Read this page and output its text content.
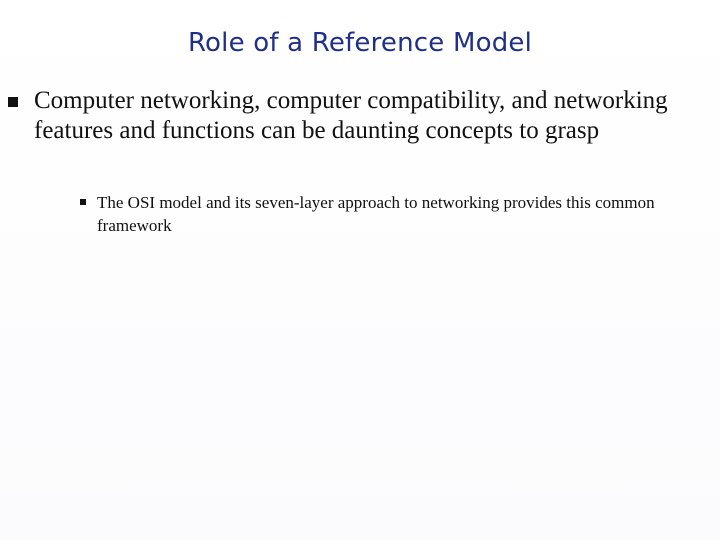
Role of a Reference Model
Computer networking, computer compatibility, and networking features and functions can be daunting concepts to grasp
The OSI model and its seven-layer approach to networking provides this common framework
